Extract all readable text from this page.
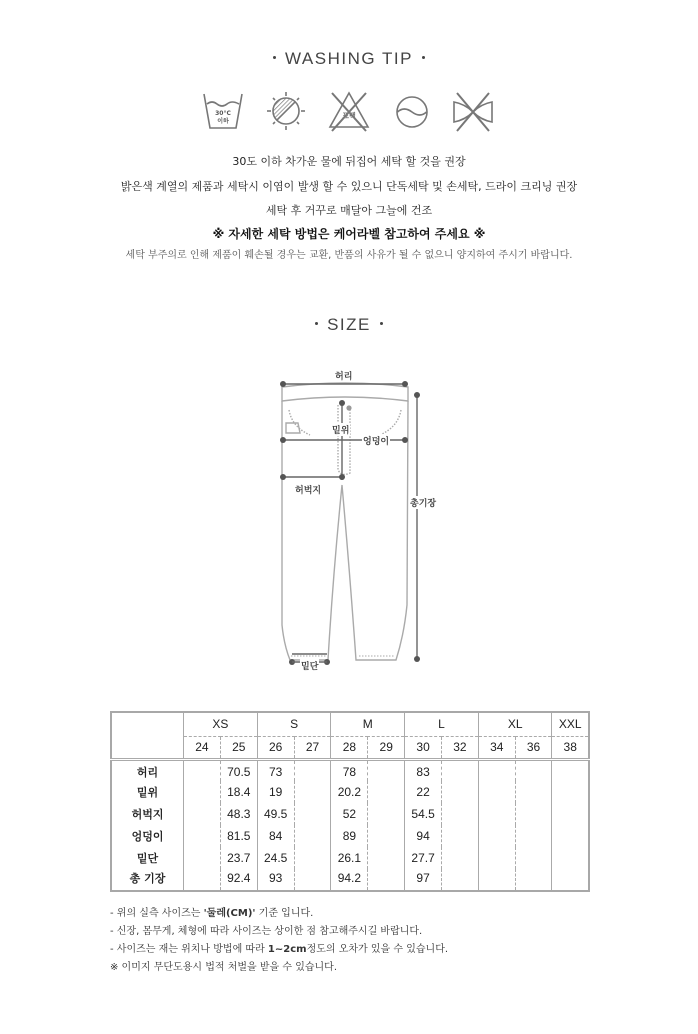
WASHING TIP
30°C
이하
표백
30도 이하 차가운 물에 뒤집어 세탁 할 것을 권장
밝은색 계열의 제품과 세탁시 이염이 발생 할 수 있으니 단독세탁 및 손세탁, 드라이 크리닝 권장
세탁 후 거꾸로 매달아 그늘에 건조
※ 자세한 세탁 방법은 케어라벨 참고하여 주세요 ※
세탁 부주의로 인해 제품이 훼손될 경우는 교환, 반품의 사유가 될 수 없으니 양지하여 주시기 바랍니다.
SIZE
허리
밑위
엉덩이
허벅지
총기장
밑단
	XS		S		M		L		XL		XXL
	24	25	26	27	28	29	30	32	34	36	38
허리		70.5	73		78		83				
밑위		18.4	19		20.2		22				
허벅지		48.3	49.5		52		54.5				
엉덩이		81.5	84		89		94				
밑단		23.7	24.5		26.1		27.7				
총 기장		92.4	93		94.2		97				
- 위의 실측 사이즈는 '둘레(CM)' 기준 입니다.
- 신장, 몸무게, 체형에 따라 사이즈는 상이한 점 참고해주시길 바랍니다.
- 사이즈는 재는 위치나 방법에 따라 1~2cm정도의 오차가 있을 수 있습니다.
※ 이미지 무단도용시 법적 처벌을 받을 수 있습니다.
